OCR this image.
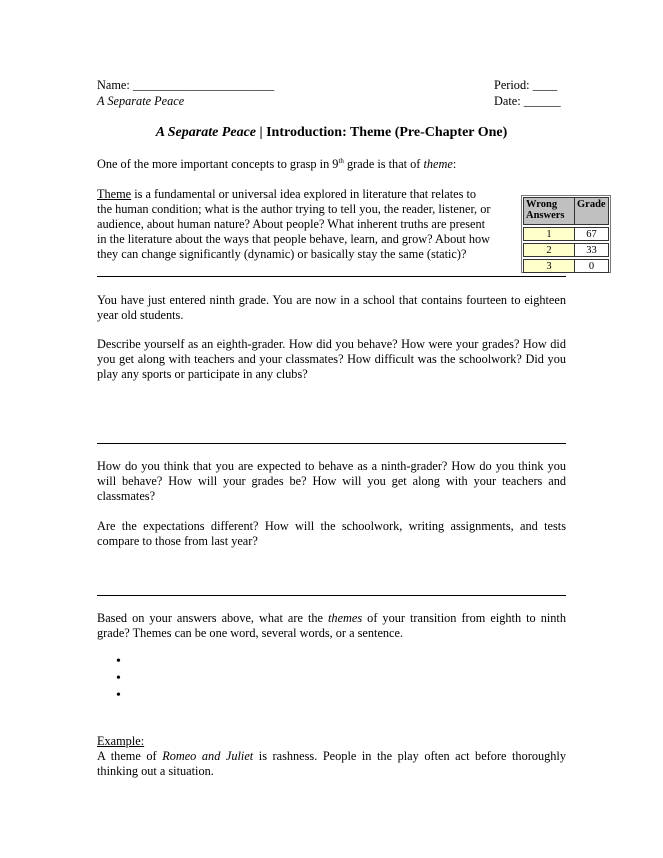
Name: _______________________
A Separate Peace
Period: ____
Date: ______
A Separate Peace | Introduction: Theme (Pre-Chapter One)
One of the more important concepts to grasp in 9th grade is that of theme:
Theme is a fundamental or universal idea explored in literature that relates to
the human condition; what is the author trying to tell you, the reader, listener, or
audience, about human nature? About people? What inherent truths are present
in the literature about the ways that people behave, learn, and grow? About how
they can change significantly (dynamic) or basically stay the same (static)?
Wrong
Answers	Grade

1	67

2	33

3	0
You have just entered ninth grade. You are now in a school that contains fourteen to eighteen year old students.
Describe yourself as an eighth-grader. How did you behave? How were your grades? How did you get along with teachers and your classmates? How difficult was the schoolwork? Did you play any sports or participate in any clubs?
How do you think that you are expected to behave as a ninth-grader? How do you think you will behave? How will your grades be? How will you get along with your teachers and classmates?
Are the expectations different? How will the schoolwork, writing assignments, and tests compare to those from last year?
Based on your answers above, what are the themes of your transition from eighth to ninth grade? Themes can be one word, several words, or a sentence.
•
•
•
Example:
A theme of Romeo and Juliet is rashness. People in the play often act before thoroughly thinking out a situation.
